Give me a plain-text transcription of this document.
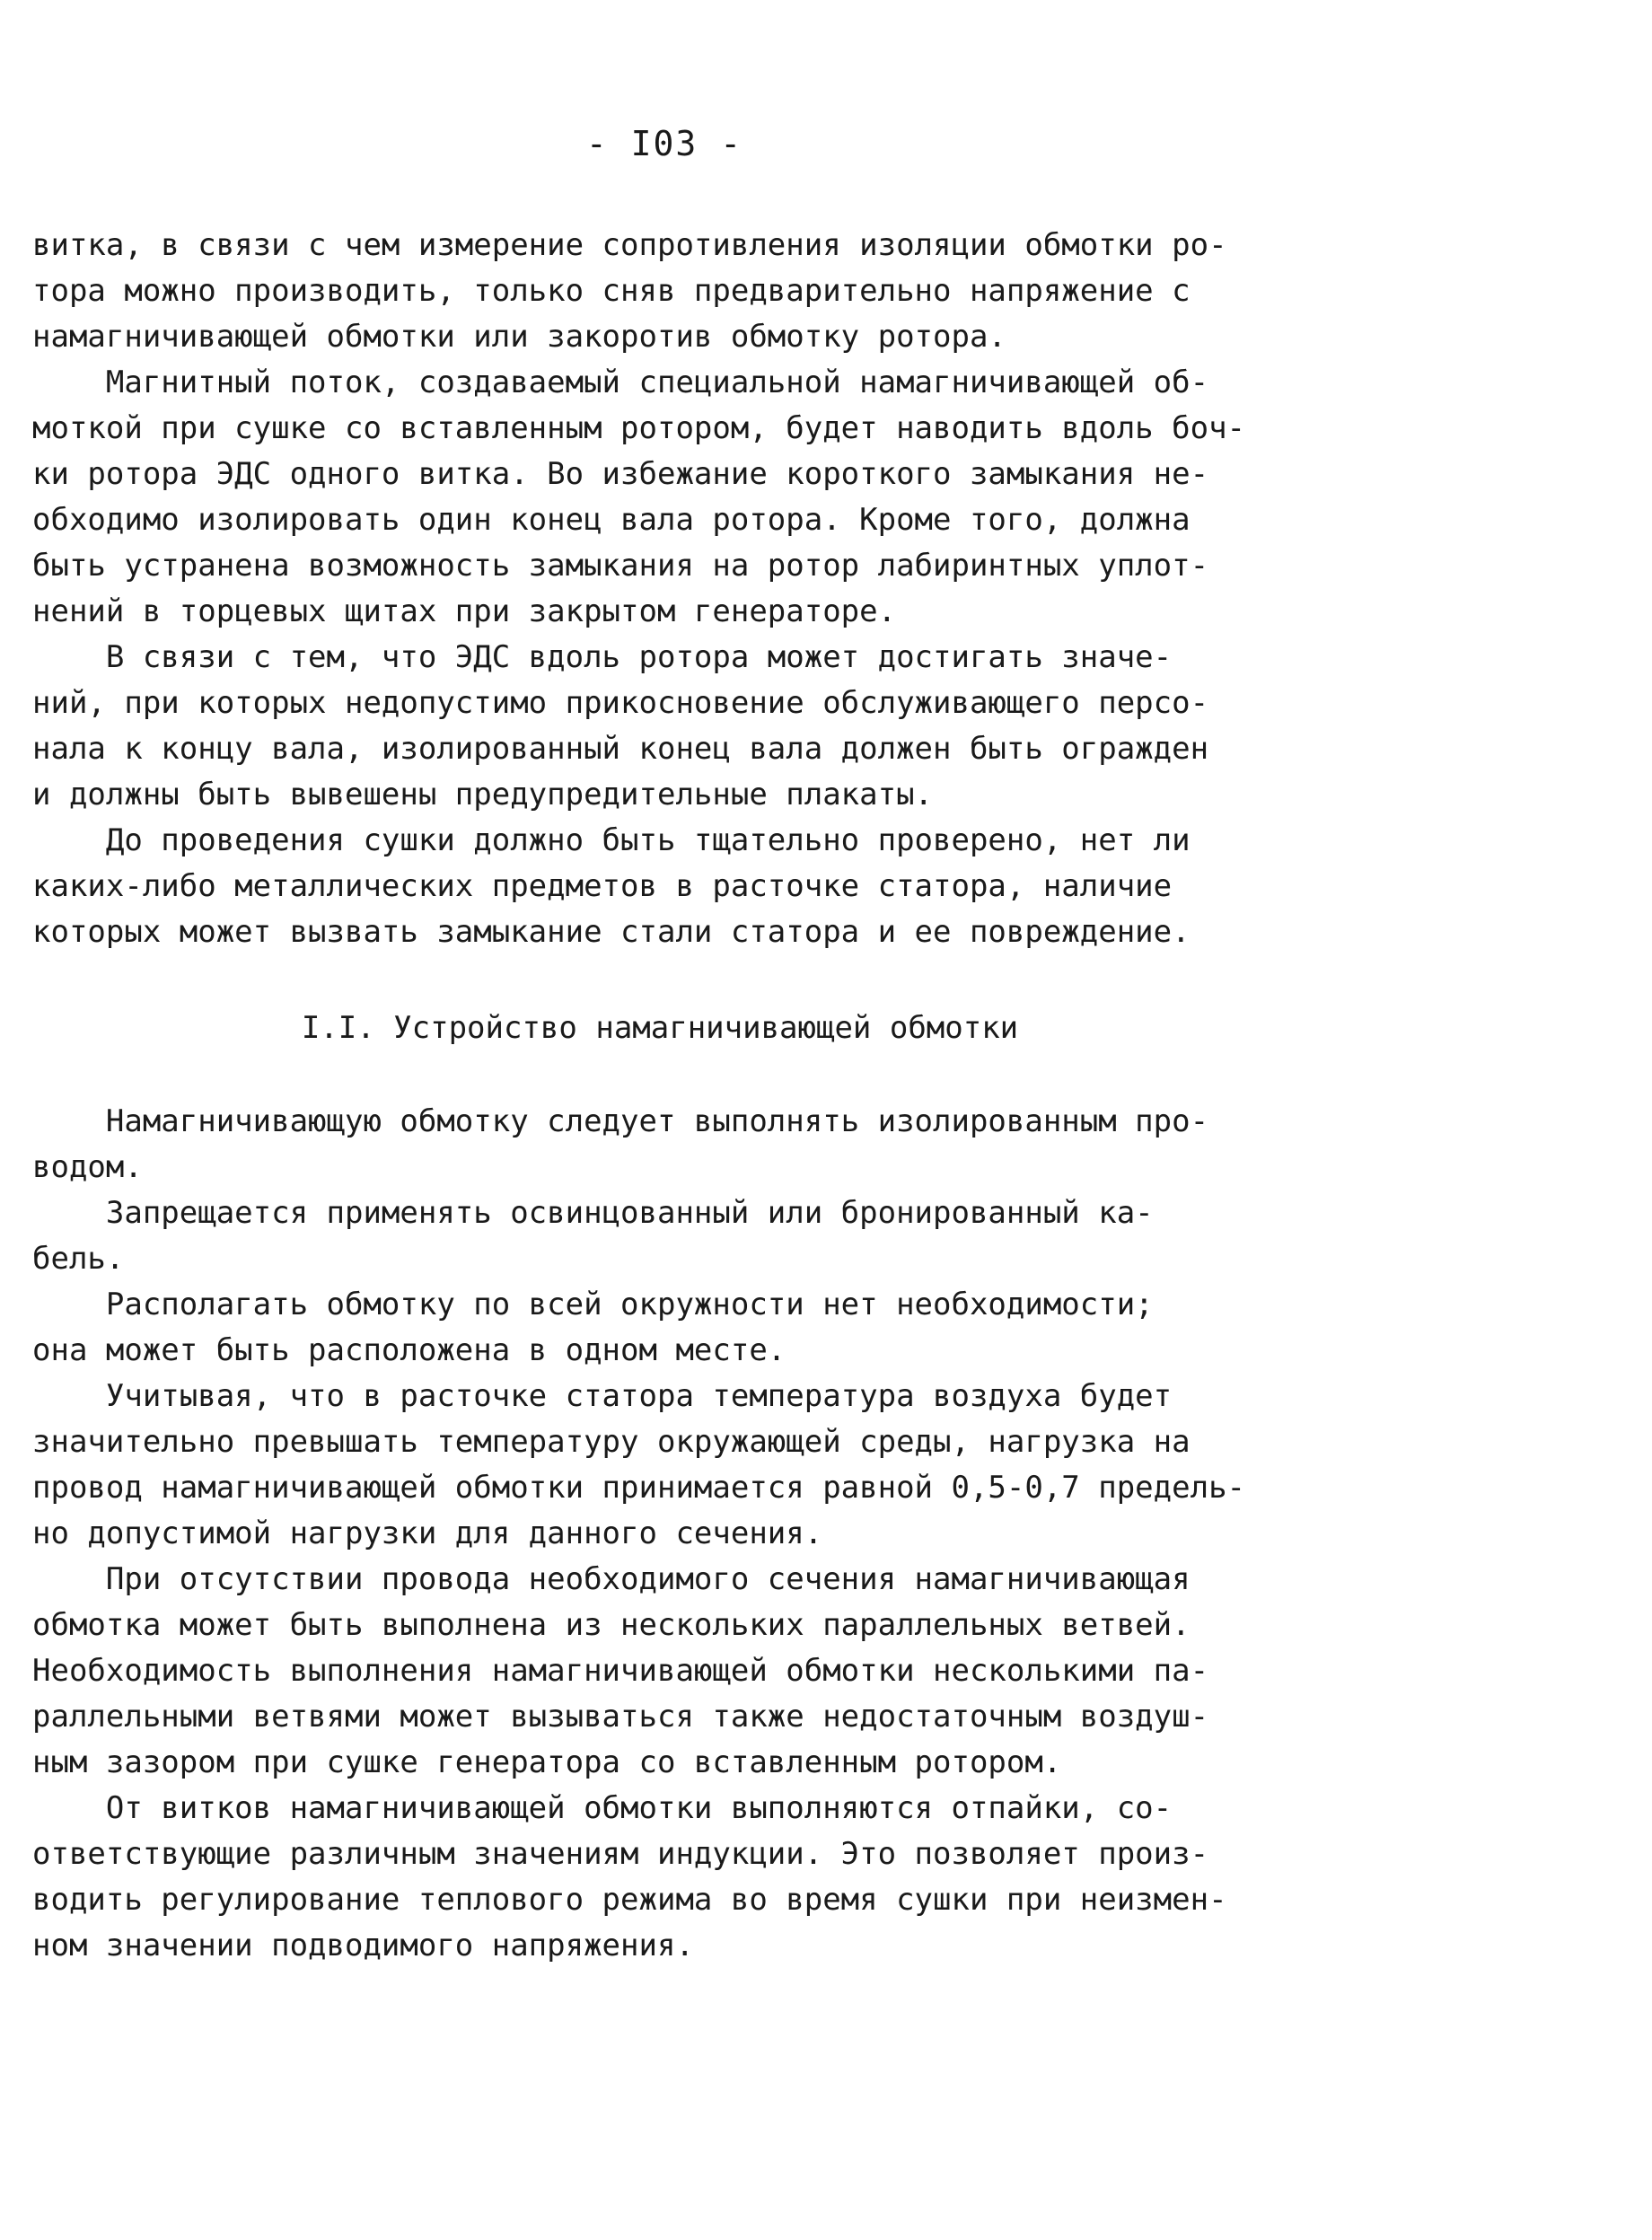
- I03 -
витка, в связи с чем измерение сопротивления изоляции обмотки ро-
тора можно производить, только сняв предварительно напряжение с
намагничивающей обмотки или закоротив обмотку ротора.
Магнитный поток, создаваемый специальной намагничивающей об-
моткой при сушке со вставленным ротором, будет наводить вдоль боч-
ки ротора ЭДС одного витка. Во избежание короткого замыкания не-
обходимо изолировать один конец вала ротора. Кроме того, должна
быть устранена возможность замыкания на ротор лабиринтных уплот-
нений в торцевых щитах при закрытом генераторе.
В связи с тем, что ЭДС вдоль ротора может достигать значе-
ний, при которых недопустимо прикосновение обслуживающего персо-
нала к концу вала, изолированный конец вала должен быть огражден
и должны быть вывешены предупредительные плакаты.
До проведения сушки должно быть тщательно проверено, нет ли
каких-либо металлических предметов в расточке статора, наличие
которых может вызвать замыкание стали статора и ее повреждение.
I.I. Устройство намагничивающей обмотки
Намагничивающую обмотку следует выполнять изолированным про-
водом.
Запрещается применять освинцованный или бронированный ка-
бель.
Располагать обмотку по всей окружности нет необходимости;
она может быть расположена в одном месте.
Учитывая, что в расточке статора температура воздуха будет
значительно превышать температуру окружающей среды, нагрузка на
провод намагничивающей обмотки принимается равной 0,5-0,7 предель-
но допустимой нагрузки для данного сечения.
При отсутствии провода необходимого сечения намагничивающая
обмотка может быть выполнена из нескольких параллельных ветвей.
Необходимость выполнения намагничивающей обмотки несколькими па-
раллельными ветвями может вызываться также недостаточным воздуш-
ным зазором при сушке генератора со вставленным ротором.
От витков намагничивающей обмотки выполняются отпайки, со-
ответствующие различным значениям индукции. Это позволяет произ-
водить регулирование теплового режима во время сушки при неизмен-
ном значении подводимого напряжения.
